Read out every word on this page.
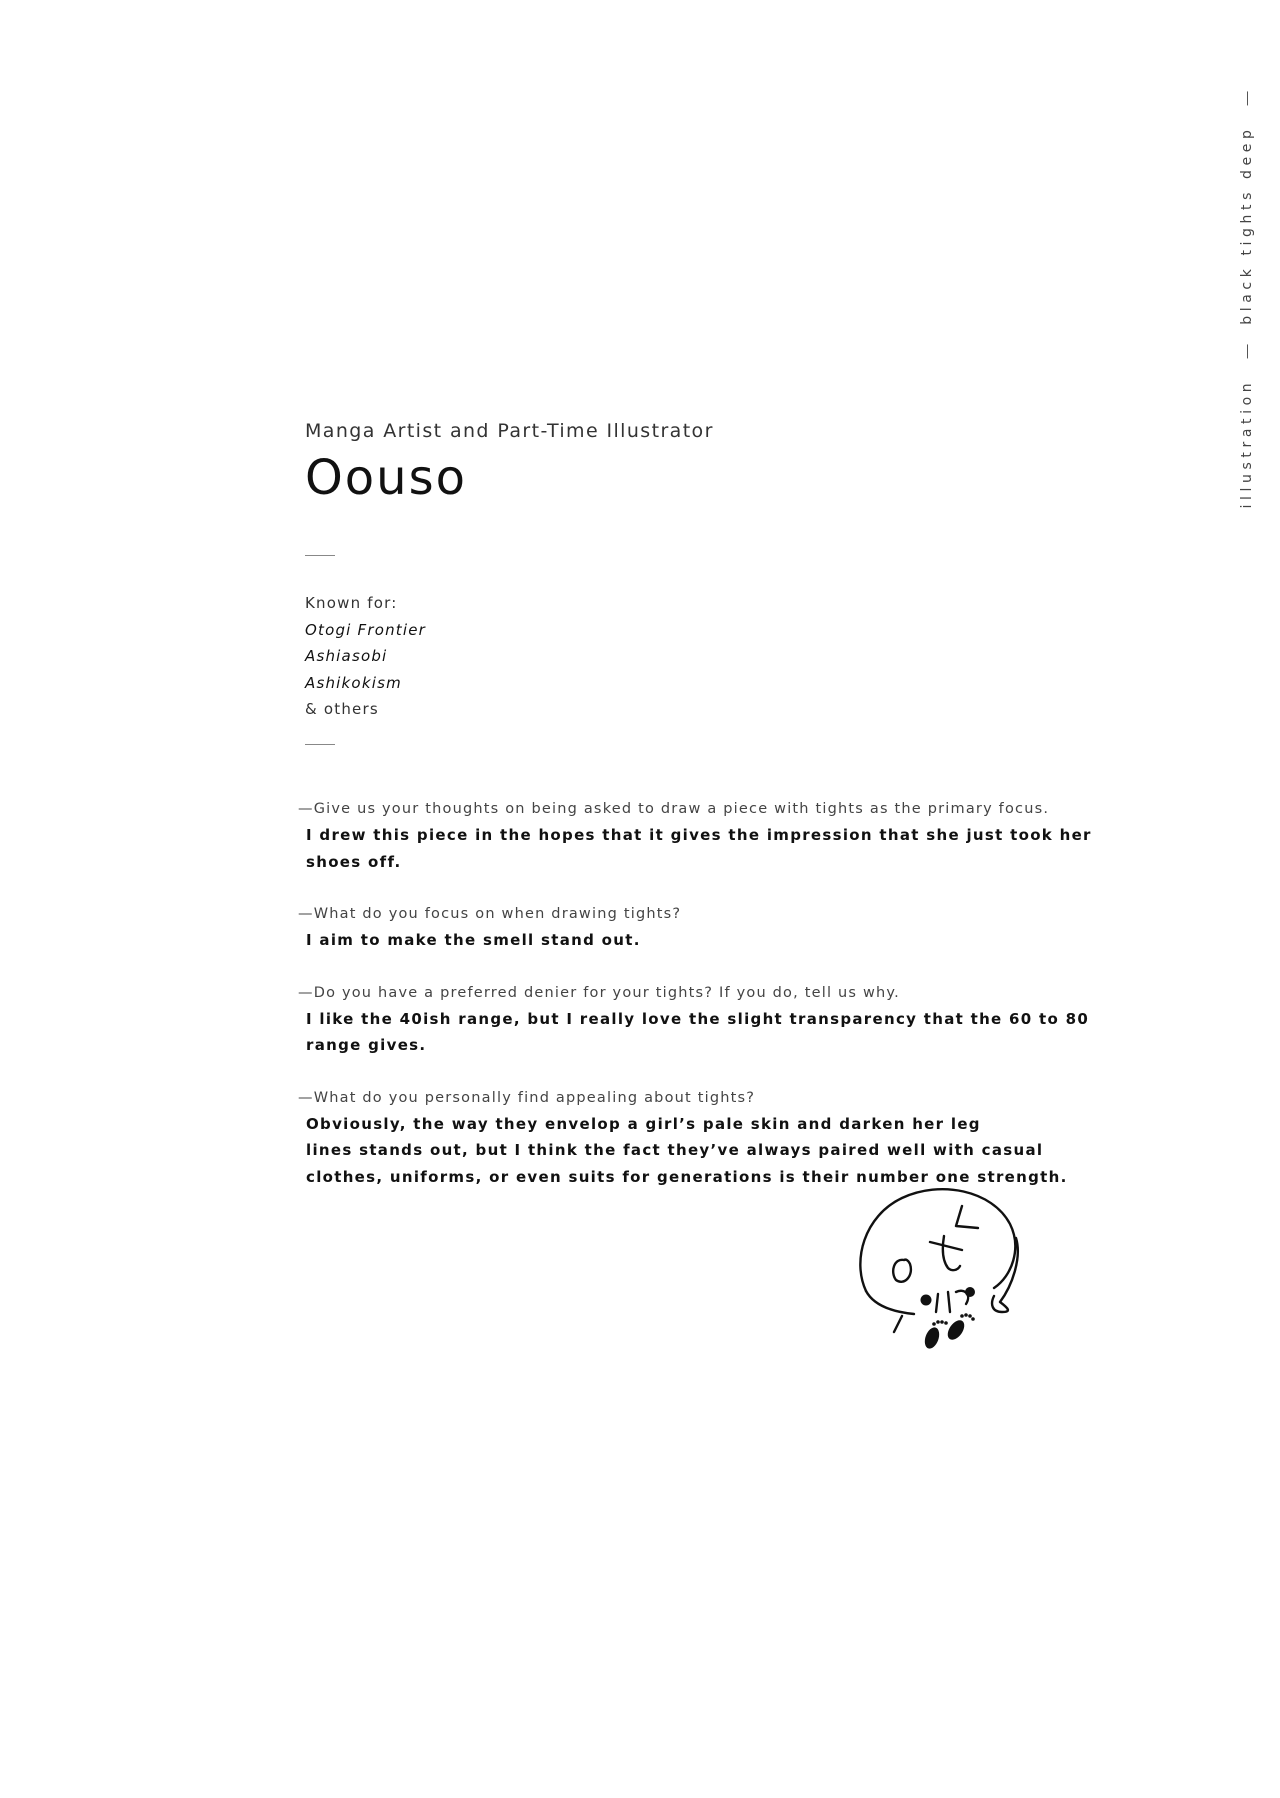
illustration
black tights deep

Manga Artist and Part-Time Illustrator

Oouso
Known for:
Otogi Frontier
Ashiasobi
Ashikokism
& others
—Give us your thoughts on being asked to draw a piece with tights as the primary focus.
I drew this piece in the hopes that it gives the impression that she just took her shoes off.
—What do you focus on when drawing tights?
I aim to make the smell stand out.
—Do you have a preferred denier for your tights? If you do, tell us why.
I like the 40ish range, but I really love the slight transparency that the 60 to 80 range gives.
—What do you personally find appealing about tights?
Obviously, the way they envelop a girl’s pale skin and darken her leg
lines stands out, but I think the fact they’ve always paired well with casual
clothes, uniforms, or even suits for generations is their number one strength.
